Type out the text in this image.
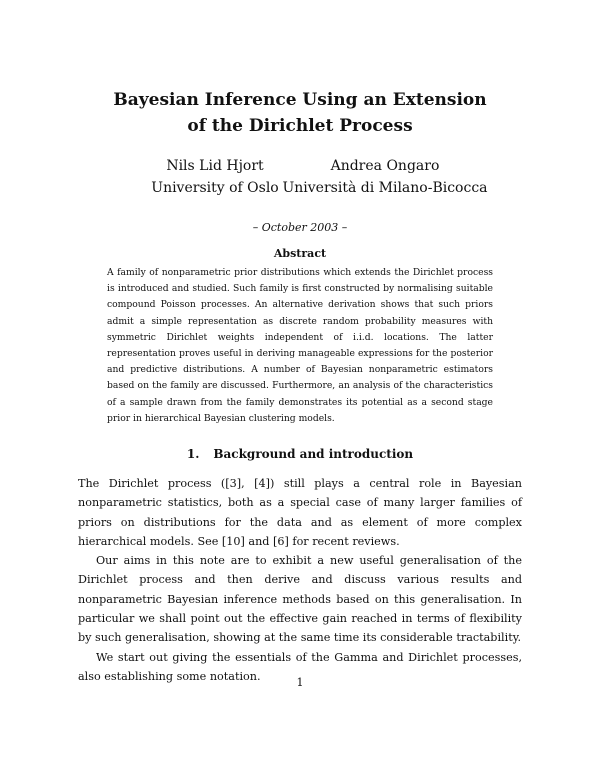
Bayesian Inference Using an Extension
of the Dirichlet Process
Nils Lid Hjort
University of Oslo
Andrea Ongaro
Università di Milano-Bicocca
– October 2003 –
Abstract
A family of nonparametric prior distributions which extends the Dirichlet process is introduced and studied. Such family is first constructed by normalising suitable compound Poisson processes. An alternative derivation shows that such priors admit a simple representation as discrete random probability measures with symmetric Dirichlet weights independent of i.i.d. locations. The latter representation proves useful in deriving manageable expressions for the posterior and predictive distributions. A number of Bayesian nonparametric estimators based on the family are discussed. Furthermore, an analysis of the characteristics of a sample drawn from the family demonstrates its potential as a second stage prior in hierarchical Bayesian clustering models.
1. Background and introduction

The Dirichlet process ([3], [4]) still plays a central role in Bayesian nonparametric statistics, both as a special case of many larger families of priors on distributions for the data and as element of more complex hierarchical models. See [10] and [6] for recent reviews.

Our aims in this note are to exhibit a new useful generalisation of the Dirichlet process and then derive and discuss various results and nonparametric Bayesian inference methods based on this generalisation. In particular we shall point out the effective gain reached in terms of flexibility by such generalisation, showing at the same time its considerable tractability.

We start out giving the essentials of the Gamma and Dirichlet processes, also establishing some notation.	1
